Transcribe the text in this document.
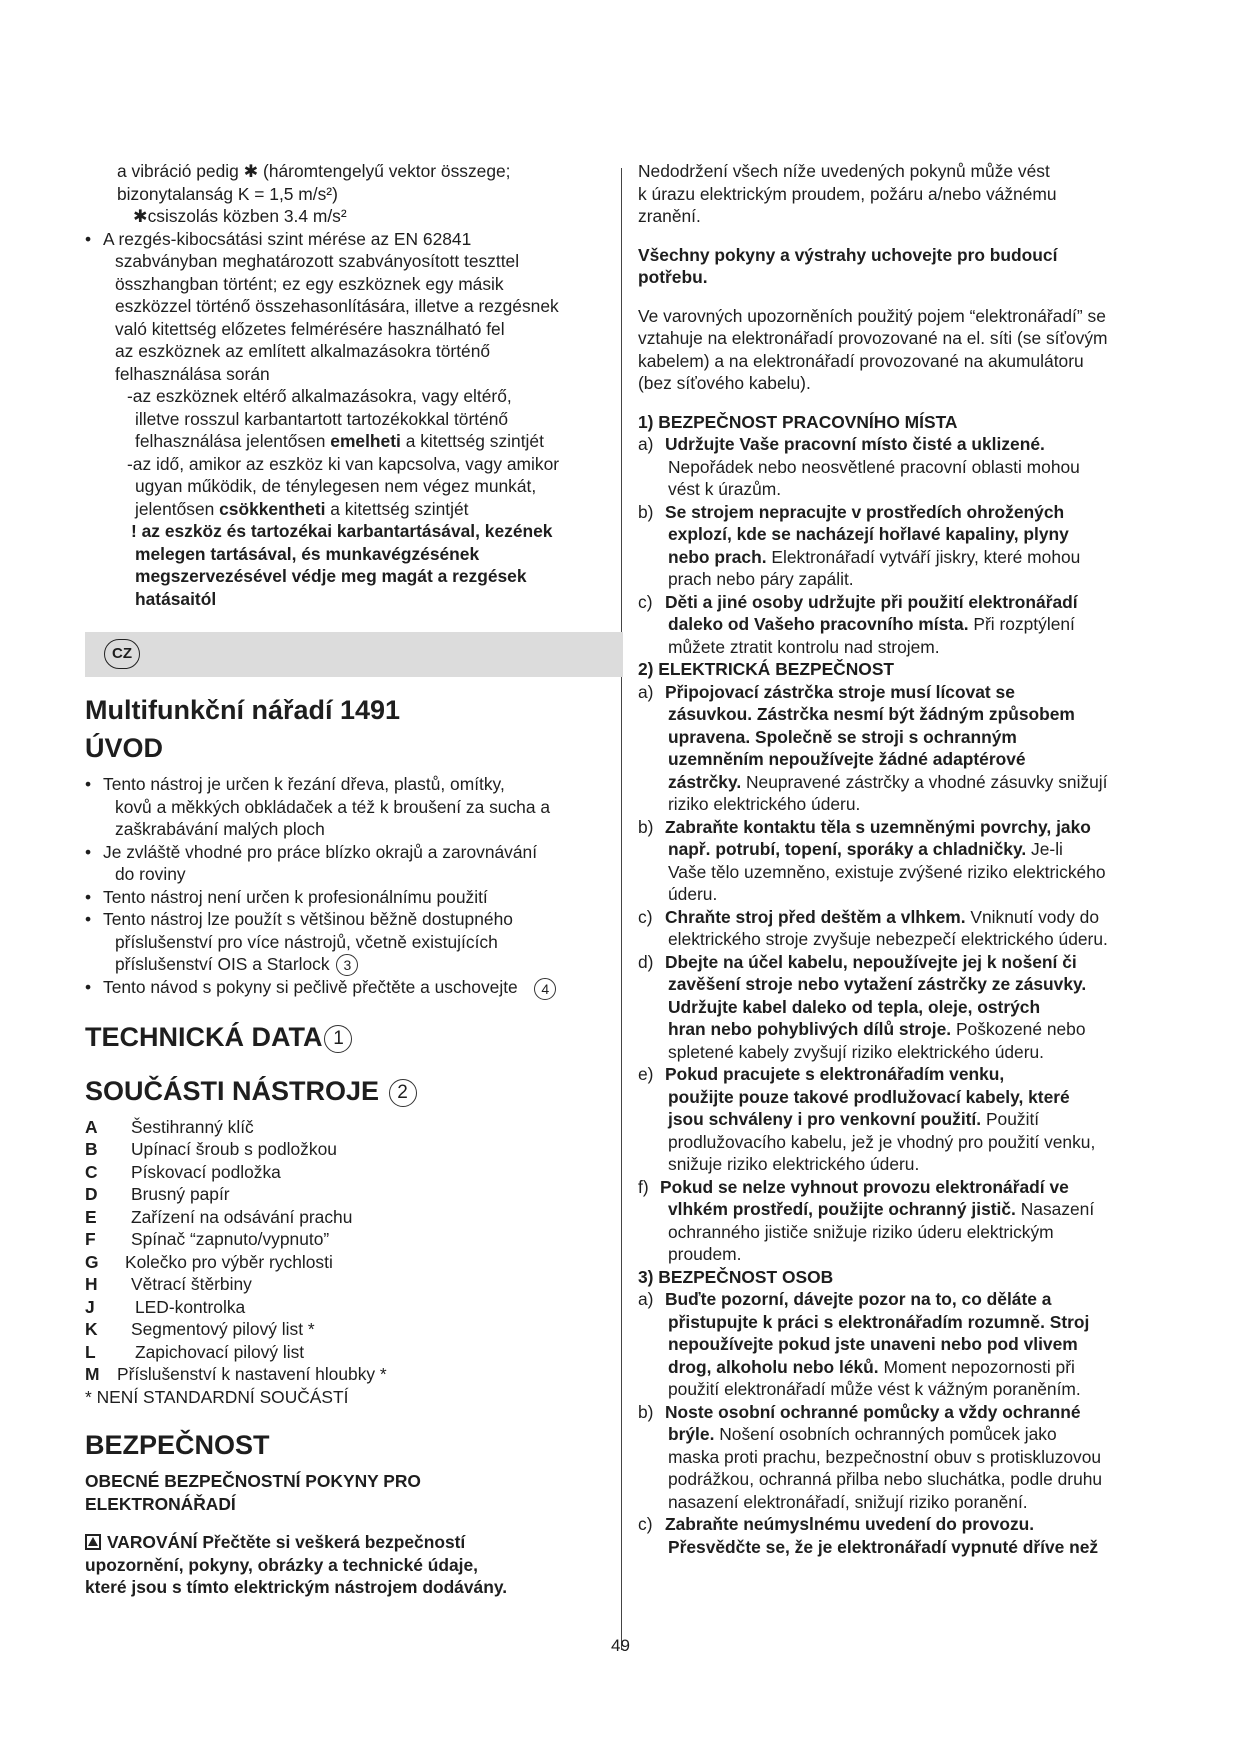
a vibráció pedig ✱ (háromtengelyű vektor összege;

bizonytalanság K = 1,5 m/s²)

✱csiszolás közben 3.4 m/s²

• A rezgés-kibocsátási szint mérése az EN 62841
szabványban meghatározott szabványosított teszttel
összhangban történt; ez egy eszköznek egy másik
eszközzel történő összehasonlítására, illetve a rezgésnek
való kitettség előzetes felmérésére használható fel
az eszköznek az említett alkalmazásokra történő
felhasználása során

-az eszköznek eltérő alkalmazásokra, vagy eltérő,

illetve rosszul karbantartott tartozékokkal történő

felhasználása jelentősen emelheti a kitettség szintjét

-az idő, amikor az eszköz ki van kapcsolva, vagy amikor

ugyan működik, de ténylegesen nem végez munkát,

jelentősen csökkentheti a kitettség szintjét

! az eszköz és tartozékai karbantartásával, kezének

melegen tartásával, és munkavégzésének

megszervezésével védje meg magát a rezgések

hatásaitól

CZ
Multifunkční nářadí 1491
ÚVOD
• Tento nástroj je určen k řezání dřeva, plastů, omítky,
kovů a měkkých obkládaček a též k broušení za sucha a
zaškrabávání malých ploch
• Je zvláště vhodné pro práce blízko okrajů a zarovnávání
do roviny
• Tento nástroj není určen k profesionálnímu použití
• Tento nástroj lze použít s většinou běžně dostupného
příslušenství pro více nástrojů, včetně existujících
příslušenství OIS a Starlock 3
• Tento návod s pokyny si pečlivě přečtěte a uschovejte 4
TECHNICKÁ DATA 1
SOUČÁSTI NÁSTROJE 2
A	Šestihranný klíč
B	Upínací šroub s podložkou
C	Pískovací podložka
D	Brusný papír
E	Zařízení na odsávání prachu
F	Spínač “zapnuto/vypnuto”
G	Kolečko pro výběr rychlosti
H	Větrací štěrbiny
J	LED-kontrolka
K	Segmentový pilový list *
L	Zapichovací pilový list
M	Příslušenství k nastavení hloubky *

* NENÍ STANDARDNÍ SOUČÁSTÍ

BEZPEČNOST

OBECNÉ BEZPEČNOSTNÍ POKYNY PRO

ELEKTRONÁŘADÍ

VAROVÁNÍ Přečtěte si veškerá bezpečností

upozornění, pokyny, obrázky a technické údaje,

které jsou s tímto elektrickým nástrojem dodávány.

Nedodržení všech níže uvedených pokynů může vést

k úrazu elektrickým proudem, požáru a/nebo vážnému

zranění.

Všechny pokyny a výstrahy uchovejte pro budoucí

potřebu.

Ve varovných upozorněních použitý pojem “elektronářadí” se

vztahuje na elektronářadí provozované na el. síti (se síťovým

kabelem) a na elektronářadí provozované na akumulátoru

(bez síťového kabelu).

1) BEZPEČNOST PRACOVNÍHO MÍSTA

a) Udržujte Vaše pracovní místo čisté a uklizené.
Nepořádek nebo neosvětlené pracovní oblasti mohou
vést k úrazům.
b) Se strojem nepracujte v prostředích ohrožených
explozí, kde se nacházejí hořlavé kapaliny, plyny
nebo prach. Elektronářadí vytváří jiskry, které mohou
prach nebo páry zapálit.
c) Děti a jiné osoby udržujte při použití elektronářadí
daleko od Vašeho pracovního místa. Při rozptýlení
můžete ztratit kontrolu nad strojem.

2) ELEKTRICKÁ BEZPEČNOST

a) Připojovací zástrčka stroje musí lícovat se
zásuvkou. Zástrčka nesmí být žádným způsobem
upravena. Společně se stroji s ochranným
uzemněním nepoužívejte žádné adaptérové
zástrčky. Neupravené zástrčky a vhodné zásuvky snižují
riziko elektrického úderu.
b) Zabraňte kontaktu těla s uzemněnými povrchy, jako
např. potrubí, topení, sporáky a chladničky. Je-li
Vaše tělo uzemněno, existuje zvýšené riziko elektrického
úderu.
c) Chraňte stroj před deštěm a vlhkem. Vniknutí vody do
elektrického stroje zvyšuje nebezpečí elektrického úderu.
d) Dbejte na účel kabelu, nepoužívejte jej k nošení či
zavěšení stroje nebo vytažení zástrčky ze zásuvky.
Udržujte kabel daleko od tepla, oleje, ostrých
hran nebo pohyblivých dílů stroje. Poškozené nebo
spletené kabely zvyšují riziko elektrického úderu.
e) Pokud pracujete s elektronářadím venku,
použijte pouze takové prodlužovací kabely, které
jsou schváleny i pro venkovní použití. Použití
prodlužovacího kabelu, jež je vhodný pro použití venku,
snižuje riziko elektrického úderu.
f) Pokud se nelze vyhnout provozu elektronářadí ve
vlhkém prostředí, použijte ochranný jistič. Nasazení
ochranného jističe snižuje riziko úderu elektrickým
proudem.

3) BEZPEČNOST OSOB

a) Buďte pozorní, dávejte pozor na to, co děláte a
přistupujte k práci s elektronářadím rozumně. Stroj
nepoužívejte pokud jste unaveni nebo pod vlivem
drog, alkoholu nebo léků. Moment nepozornosti při
použití elektronářadí může vést k vážným poraněním.
b) Noste osobní ochranné pomůcky a vždy ochranné
brýle. Nošení osobních ochranných pomůcek jako
maska proti prachu, bezpečnostní obuv s protiskluzovou
podrážkou, ochranná přilba nebo sluchátka, podle druhu
nasazení elektronářadí, snižují riziko poranění.
c) Zabraňte neúmyslnému uvedení do provozu.
Přesvědčte se, že je elektronářadí vypnuté dříve než
49
